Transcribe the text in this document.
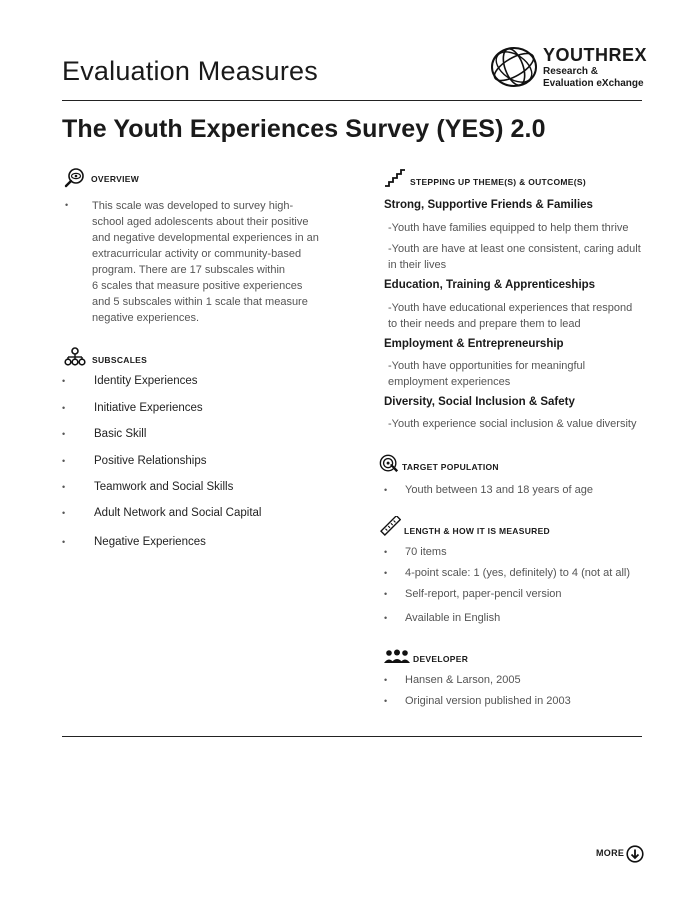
Evaluation Measures
YOUTHREX
Research &
Evaluation eXchange
The Youth Experiences Survey (YES) 2.0
OVERVIEW
• This scale was developed to survey high-
school aged adolescents about their positive
and negative developmental experiences in an
extracurricular activity or community-based
program. There are 17 subscales within
6 scales that measure positive experiences
and 5 subscales within 1 scale that measure
negative experiences.
SUBSCALES
•	Identity Experiences
•	Initiative Experiences
•	Basic Skill
•	Positive Relationships
•	Teamwork and Social Skills
•	Adult Network and Social Capital
•	Negative Experiences
STEPPING UP THEME(S) & OUTCOME(S)
Strong, Supportive Friends & Families
-Youth have families equipped to help them thrive
-Youth are have at least one consistent, caring adult
in their lives
Education, Training & Apprenticeships
-Youth have educational experiences that respond
to their needs and prepare them to lead
Employment & Entrepreneurship
-Youth have opportunities for meaningful
employment experiences
Diversity, Social Inclusion & Safety
-Youth experience social inclusion & value diversity
TARGET POPULATION
• Youth between 13 and 18 years of age
LENGTH & HOW IT IS MEASURED
• 70 items
• 4-point scale: 1 (yes, definitely) to 4 (not at all)
• Self-report, paper-pencil version
• Available in English
DEVELOPER
• Hansen & Larson, 2005
• Original version published in 2003
MORE
